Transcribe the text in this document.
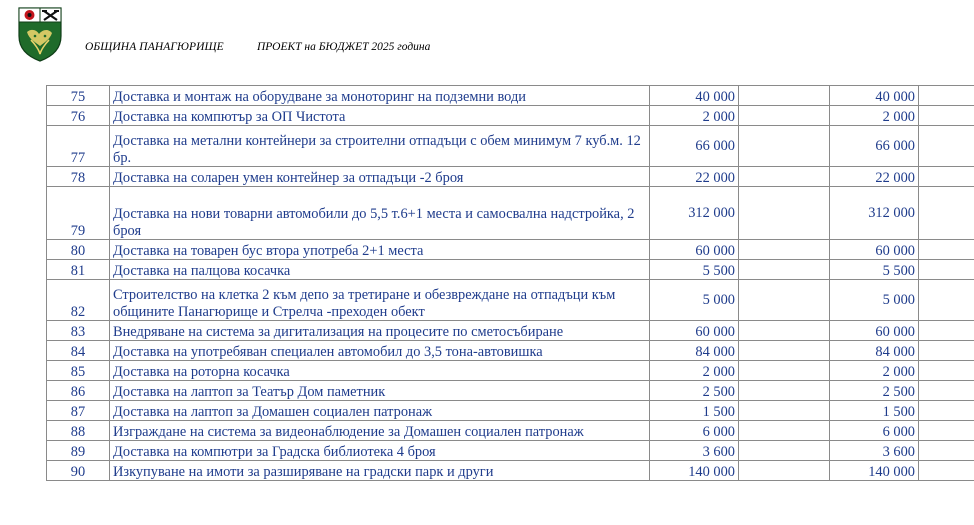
ОБЩИНА ПАНАГЮРИЩЕ	ПРОЕКТ на БЮДЖЕТ 2025 година
75	Доставка и монтаж на оборудване за моноторинг на подземни води	40 000		40 000	
76	Доставка на компютър за ОП Чистота	2 000		2 000	
77	Доставка на метални контейнери за строителни отпадъци с обем минимум 7 куб.м. 12 бр.	66 000		66 000	
78	Доставка на соларен умен контейнер за отпадъци -2 броя	22 000		22 000	
79	Доставка на нови товарни автомобили до 5,5 т.6+1 места и самосвална надстройка, 2 броя	312 000		312 000	
80	Доставка на товарен бус втора употреба 2+1 места	60 000		60 000	
81	Доставка на палцова косачка	5 500		5 500	
82	Строителство на клетка 2 към депо за третиране и обезвреждане на отпадъци към общините Панагюрище и Стрелча -преходен обект	5 000		5 000	
83	Внедряване на система за дигитализация на процесите по сметосъбиране	60 000		60 000	
84	Доставка на употребяван специален автомобил до 3,5 тона-автовишка	84 000		84 000	
85	Доставка на роторна косачка	2 000		2 000	
86	Доставка на лаптоп за Театър Дом паметник	2 500		2 500	
87	Доставка на лаптоп за Домашен социален патронаж	1 500		1 500	
88	Изграждане на система за видеонаблюдение за Домашен социален патронаж	6 000		6 000	
89	Доставка на компютри за Градска библиотека 4 броя	3 600		3 600	
90	Изкупуване на имоти за разширяване на градски парк и други	140 000		140 000	
